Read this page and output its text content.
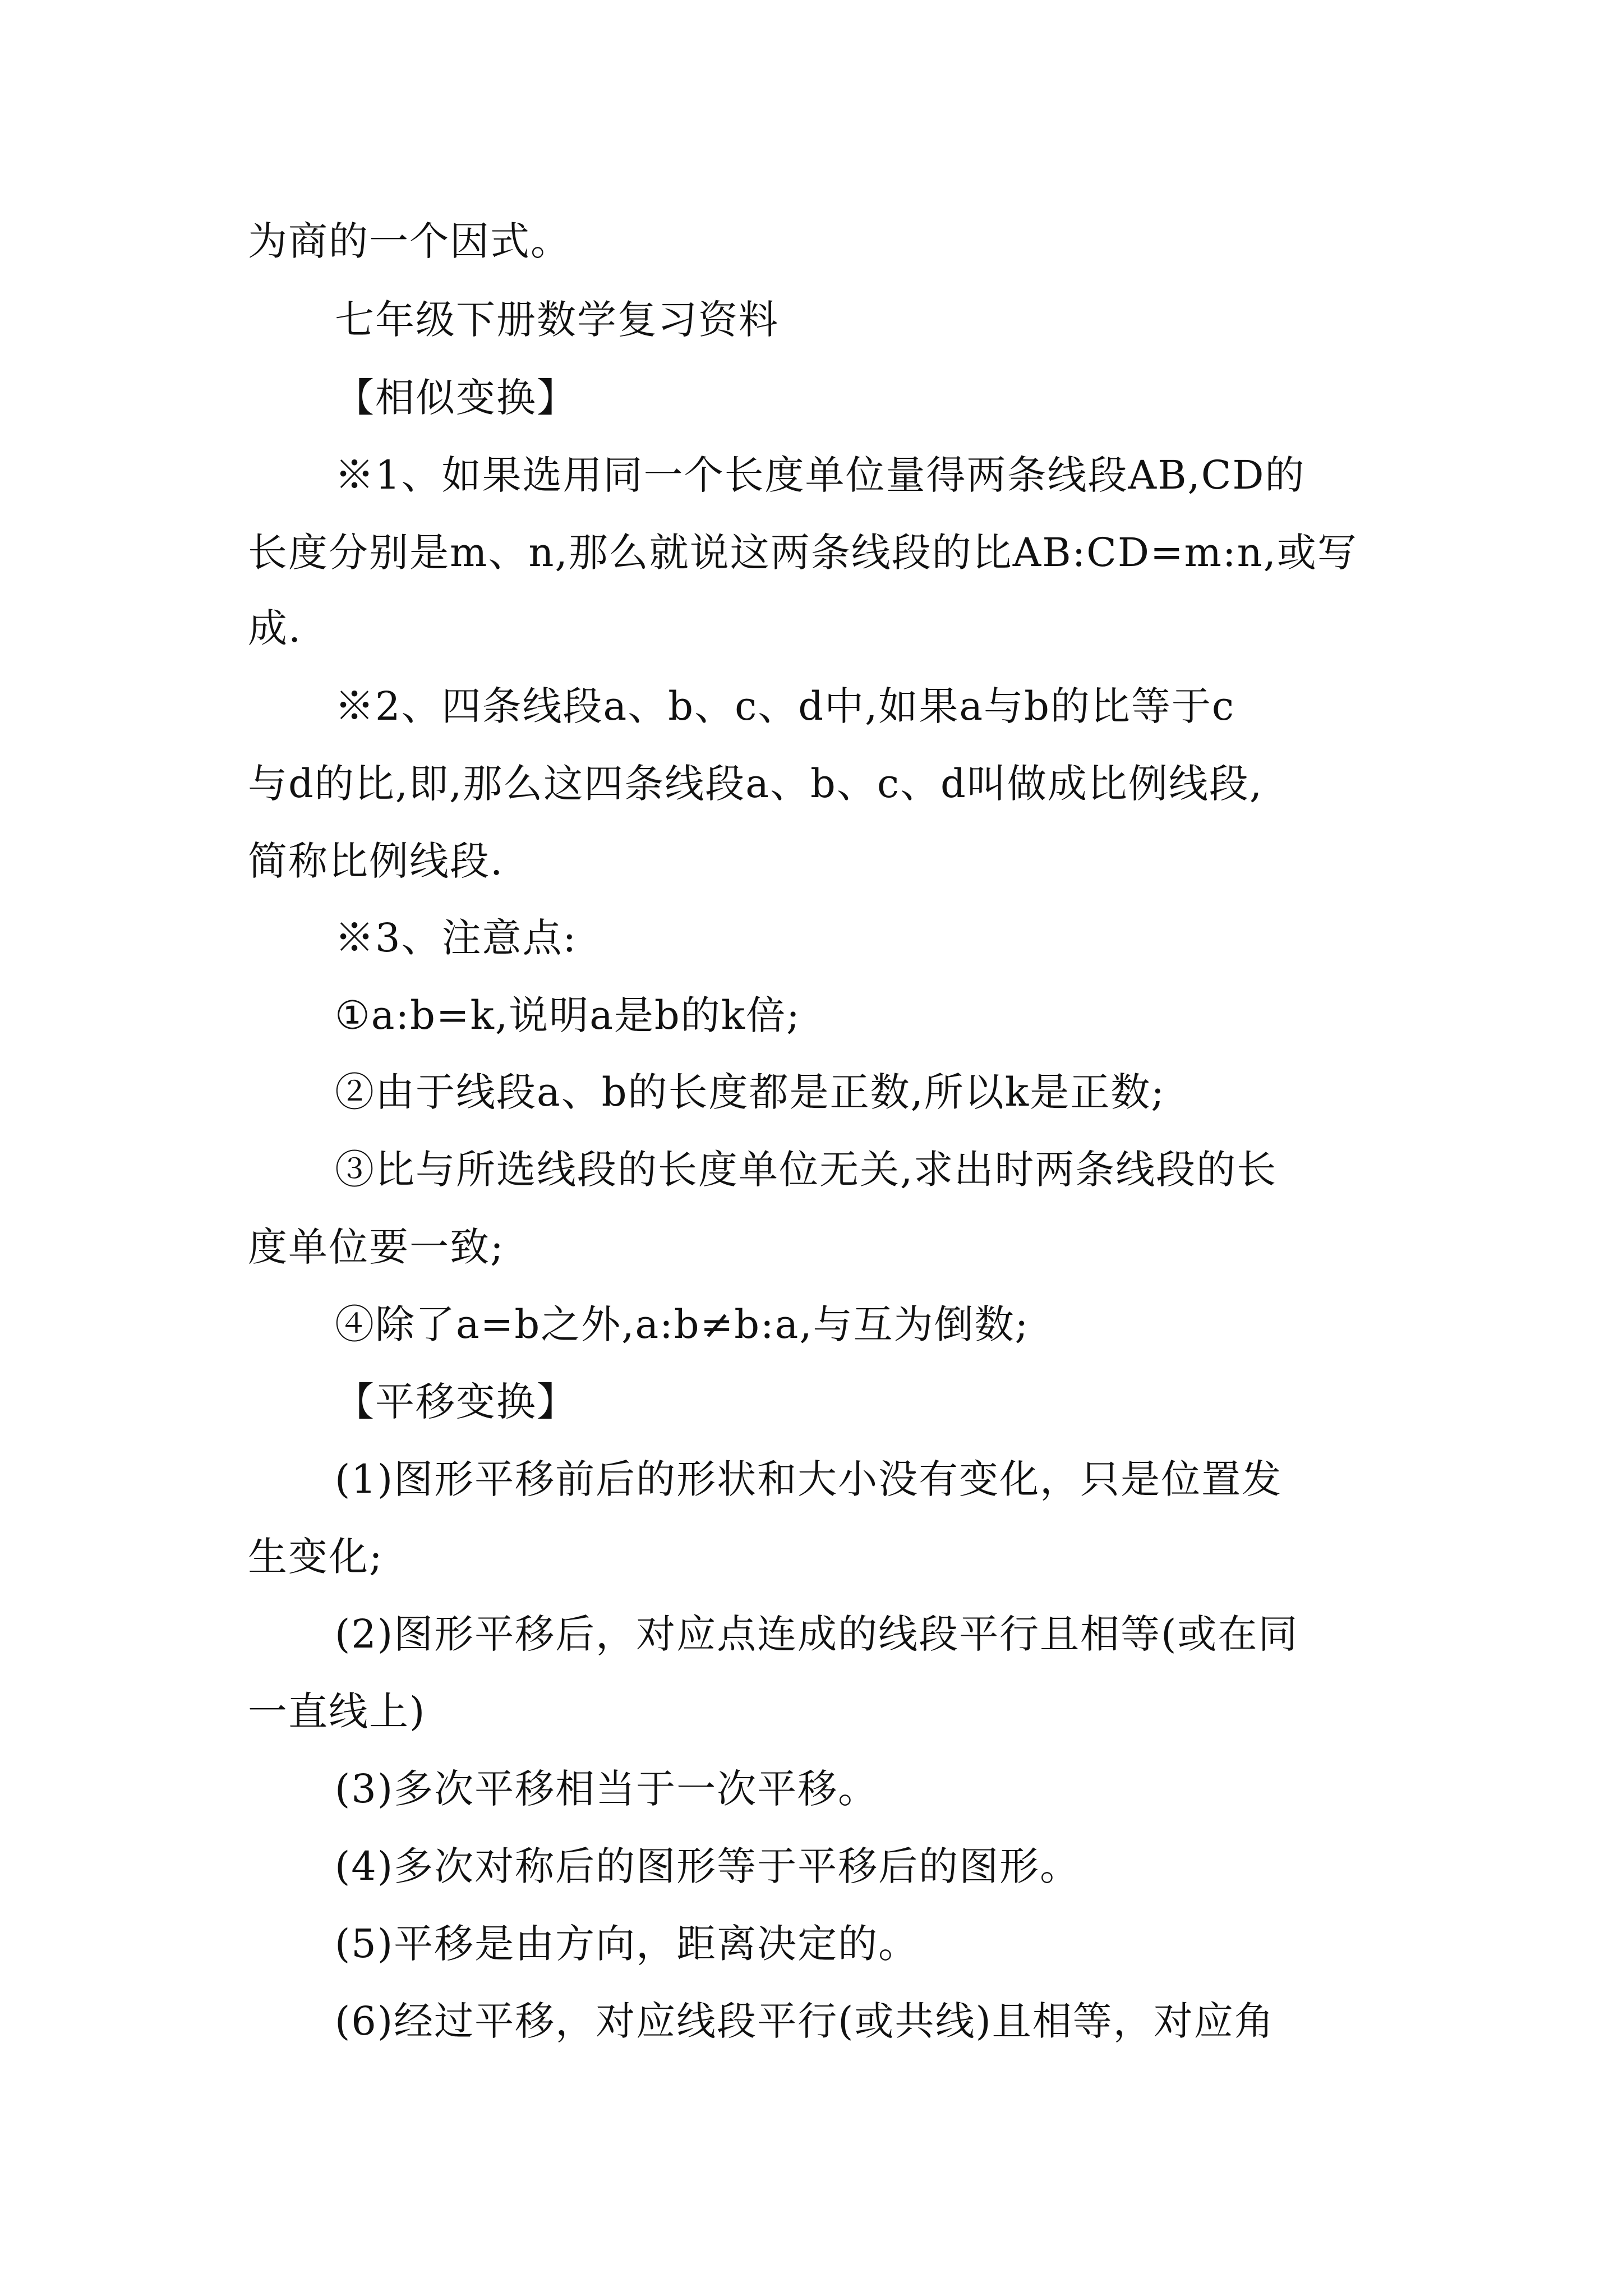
为商的一个因式。
七年级下册数学复习资料
【相似变换】
※1、如果选用同一个长度单位量得两条线段AB,CD的
长度分别是m、n,那么就说这两条线段的比AB:CD=m:n,或写
成.
※2、四条线段a、b、c、d中,如果a与b的比等于c
与d的比,即,那么这四条线段a、b、c、d叫做成比例线段,
简称比例线段.
※3、注意点:
①a:b=k,说明a是b的k倍;
②由于线段a、b的长度都是正数,所以k是正数;
③比与所选线段的长度单位无关,求出时两条线段的长
度单位要一致;
④除了a=b之外,a:b≠b:a,与互为倒数;
【平移变换】
(1)图形平移前后的形状和大小没有变化，只是位置发
生变化;
(2)图形平移后，对应点连成的线段平行且相等(或在同
一直线上)
(3)多次平移相当于一次平移。
(4)多次对称后的图形等于平移后的图形。
(5)平移是由方向，距离决定的。
(6)经过平移，对应线段平行(或共线)且相等，对应角
